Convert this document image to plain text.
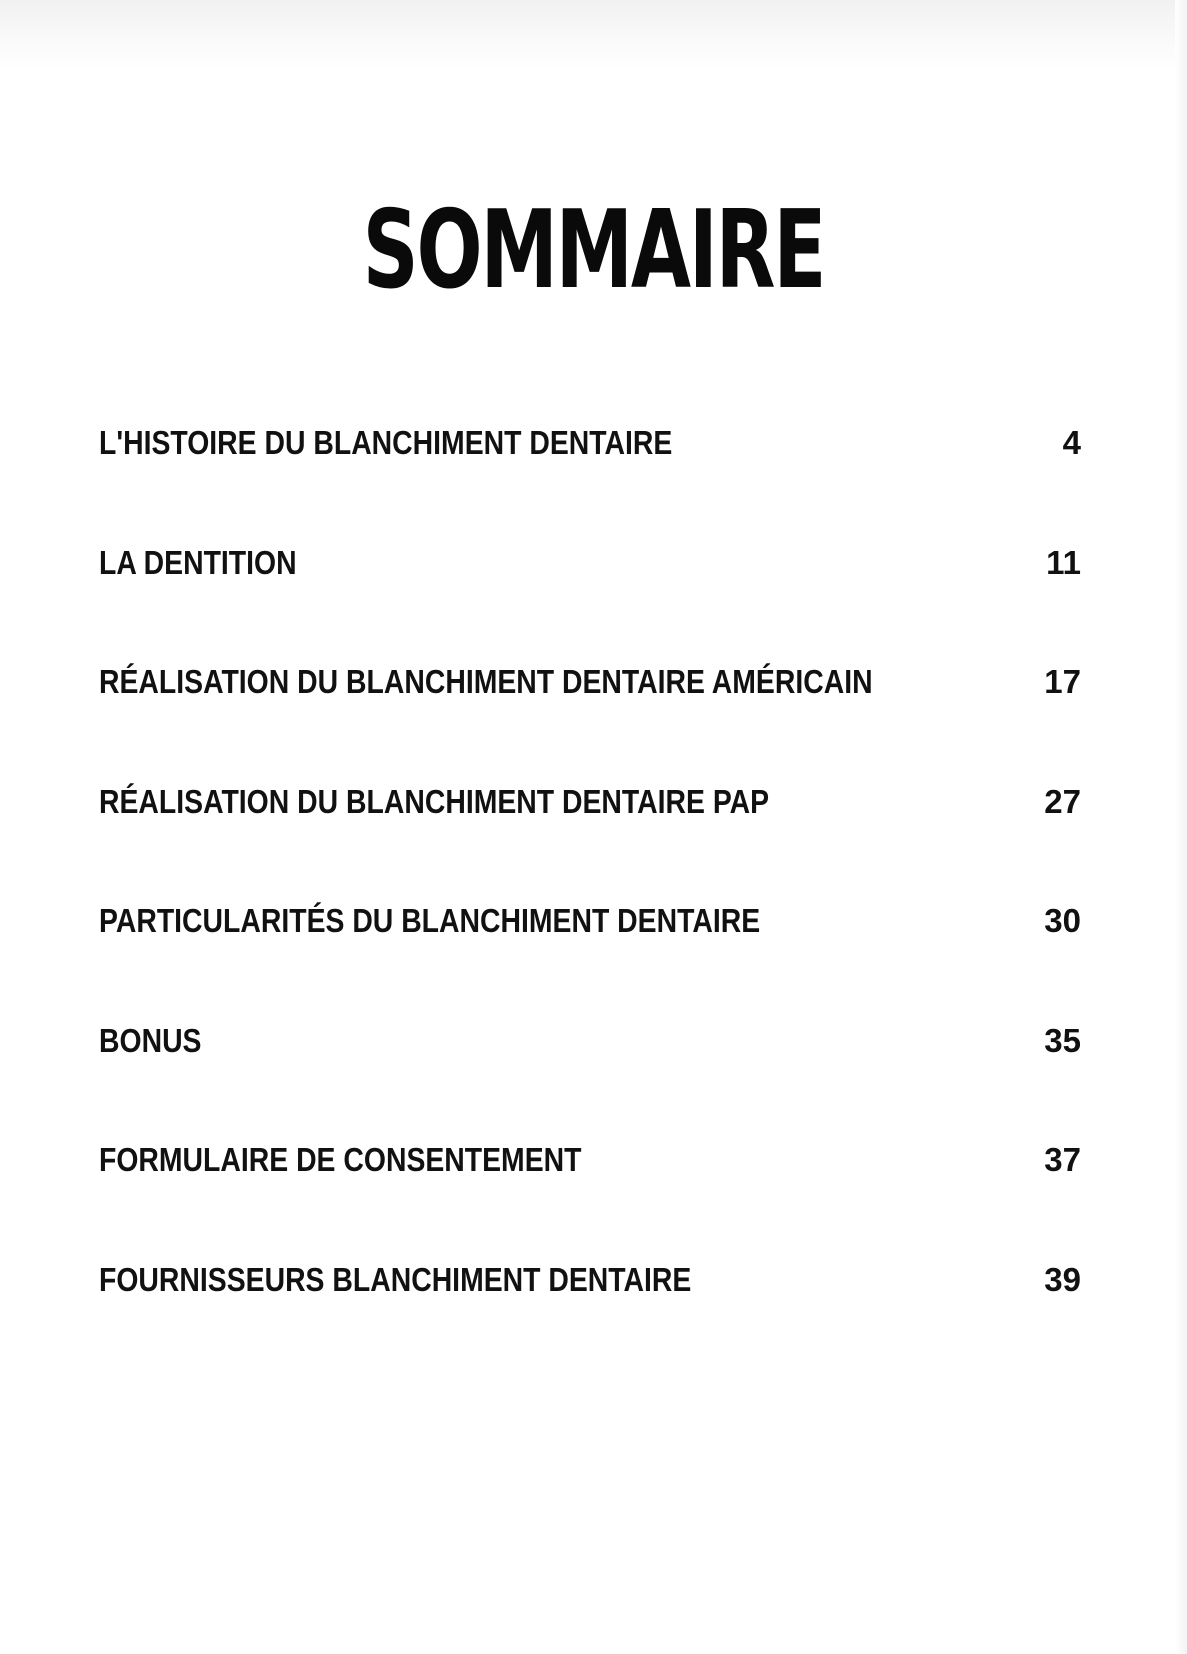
SOMMAIRE
L'HISTOIRE DU BLANCHIMENT DENTAIRE	4
LA DENTITION	11
RÉALISATION DU BLANCHIMENT DENTAIRE AMÉRICAIN	17
RÉALISATION DU BLANCHIMENT DENTAIRE PAP	27
PARTICULARITÉS DU BLANCHIMENT DENTAIRE	30
BONUS	35
FORMULAIRE DE CONSENTEMENT	37
FOURNISSEURS BLANCHIMENT DENTAIRE	39
